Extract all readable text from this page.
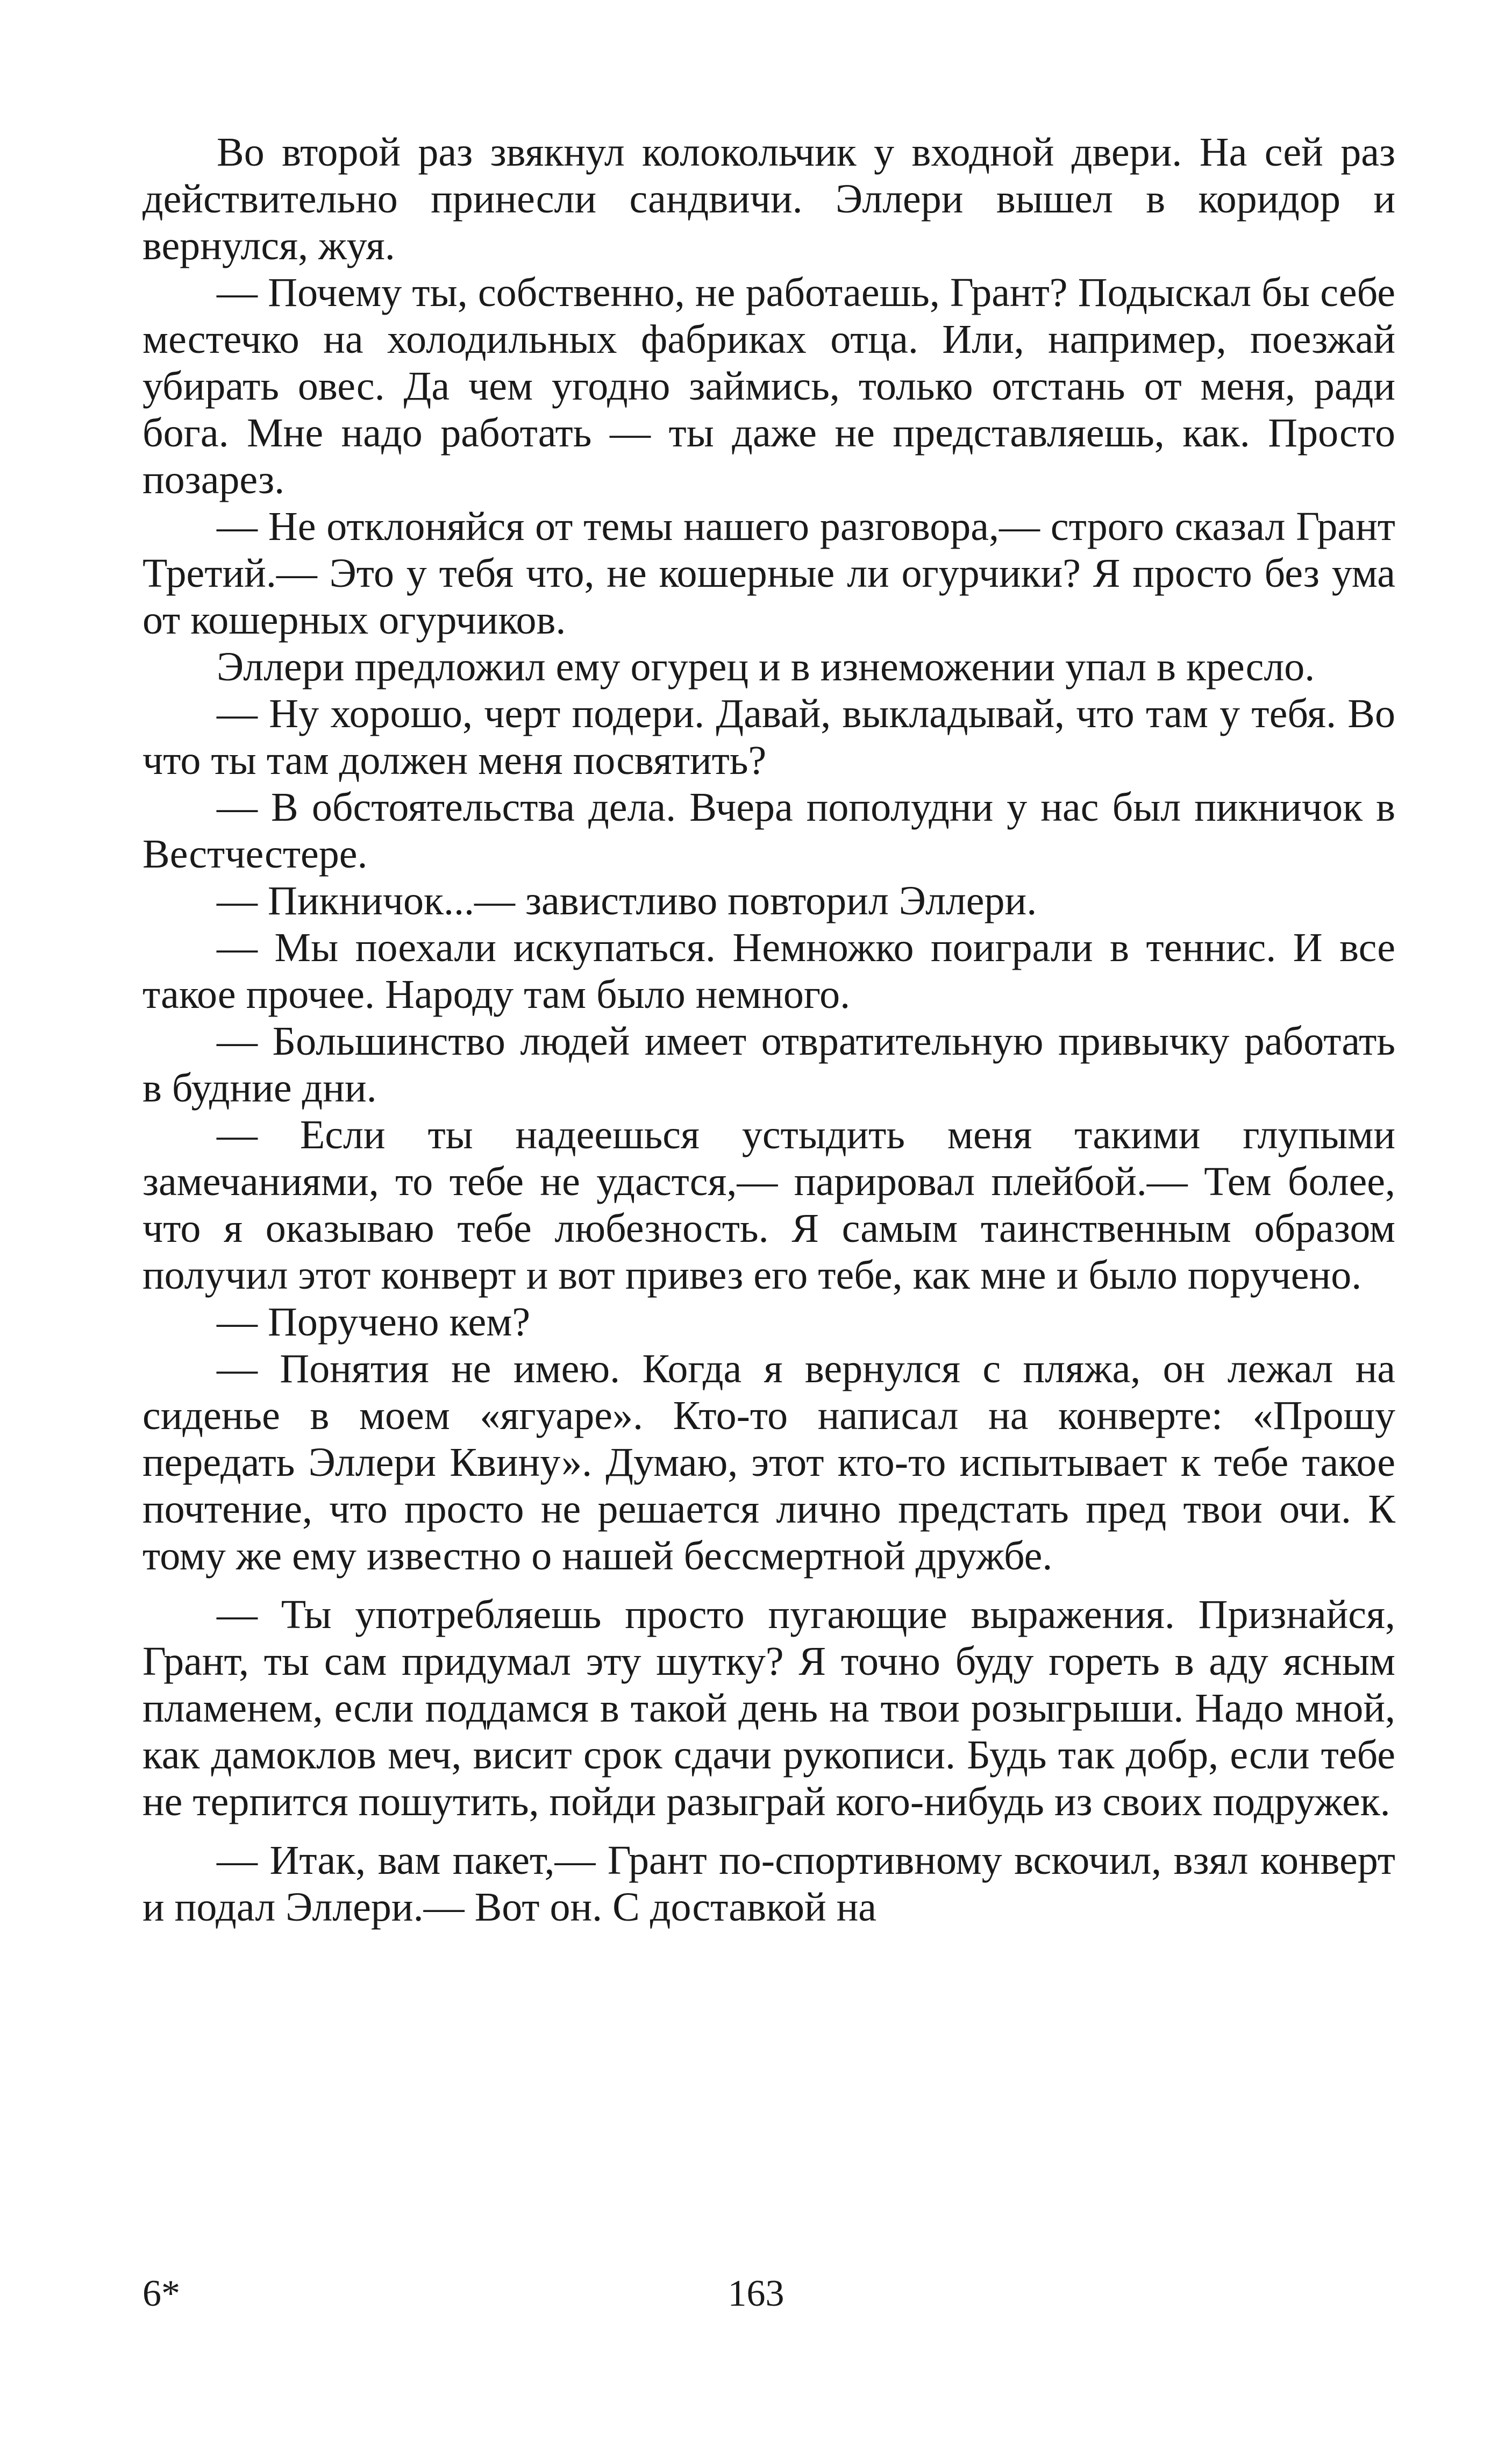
Во второй раз звякнул колокольчик у входной двери. На сей раз действительно принесли сандвичи. Эллери вышел в коридор и вернулся, жуя.

— Почему ты, собственно, не работаешь, Грант? Подыскал бы себе местечко на холодильных фабриках отца. Или, например, поезжай убирать овес. Да чем угодно займись, только отстань от меня, ради бога. Мне надо работать — ты даже не представляешь, как. Просто позарез.

— Не отклоняйся от темы нашего разговора,— строго сказал Грант Третий.— Это у тебя что, не кошерные ли огурчики? Я просто без ума от кошерных огурчиков.

Эллери предложил ему огурец и в изнеможении упал в кресло.

— Ну хорошо, черт подери. Давай, выкладывай, что там у тебя. Во что ты там должен меня посвятить?

— В обстоятельства дела. Вчера пополудни у нас был пикничок в Вестчестере.

— Пикничок...— завистливо повторил Эллери.

— Мы поехали искупаться. Немножко поиграли в теннис. И все такое прочее. Народу там было немного.

— Большинство людей имеет отвратительную привычку работать в будние дни.

— Если ты надеешься устыдить меня такими глупыми замечаниями, то тебе не удастся,— парировал плейбой.— Тем более, что я оказываю тебе любезность. Я самым таинственным образом получил этот конверт и вот привез его тебе, как мне и было поручено.

— Поручено кем?

— Понятия не имею. Когда я вернулся с пляжа, он лежал на сиденье в моем «ягуаре». Кто-то написал на конверте: «Прошу передать Эллери Квину». Думаю, этот кто-то испытывает к тебе такое почтение, что просто не решается лично предстать пред твои очи. К тому же ему известно о нашей бессмертной дружбе.

— Ты употребляешь просто пугающие выражения. Признайся, Грант, ты сам придумал эту шутку? Я точно буду гореть в аду ясным пламенем, если поддамся в такой день на твои розыгрыши. Надо мной, как дамоклов меч, висит срок сдачи рукописи. Будь так добр, если тебе не терпится пошутить, пойди разыграй кого-нибудь из своих подружек.

— Итак, вам пакет,— Грант по-спортивному вскочил, взял конверт и подал Эллери.— Вот он. С доставкой на

6*	163
